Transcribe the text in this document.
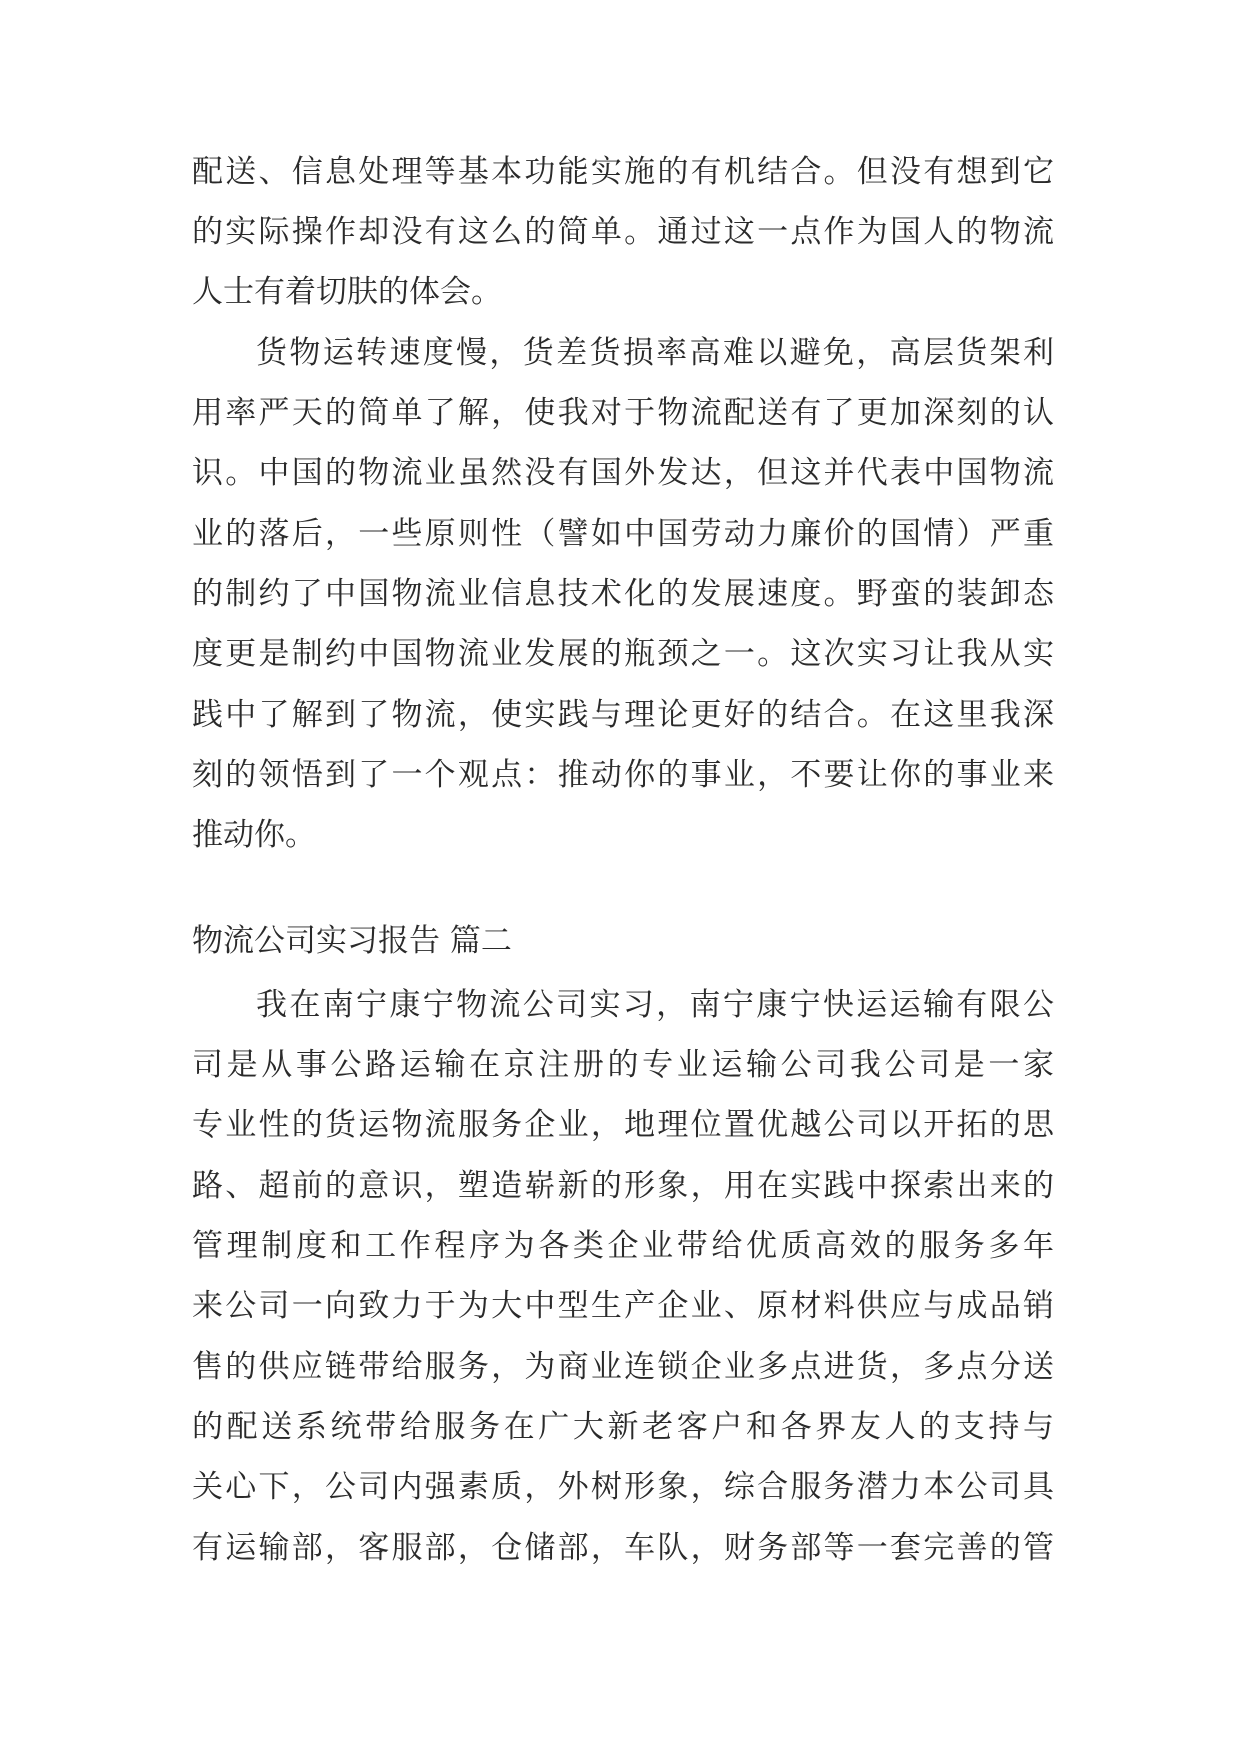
配送、信息处理等基本功能实施的有机结合。但没有想到它
的实际操作却没有这么的简单。通过这一点作为国人的物流
人士有着切肤的体会。
货物运转速度慢，货差货损率高难以避免，高层货架利
用率严天的简单了解，使我对于物流配送有了更加深刻的认
识。中国的物流业虽然没有国外发达，但这并代表中国物流
业的落后，一些原则性（譬如中国劳动力廉价的国情）严重
的制约了中国物流业信息技术化的发展速度。野蛮的装卸态
度更是制约中国物流业发展的瓶颈之一。这次实习让我从实
践中了解到了物流，使实践与理论更好的结合。在这里我深
刻的领悟到了一个观点：推动你的事业，不要让你的事业来
推动你。
物流公司实习报告 篇二
我在南宁康宁物流公司实习，南宁康宁快运运输有限公
司是从事公路运输在京注册的专业运输公司我公司是一家
专业性的货运物流服务企业，地理位置优越公司以开拓的思
路、超前的意识，塑造崭新的形象，用在实践中探索出来的
管理制度和工作程序为各类企业带给优质高效的服务多年
来公司一向致力于为大中型生产企业、原材料供应与成品销
售的供应链带给服务，为商业连锁企业多点进货，多点分送
的配送系统带给服务在广大新老客户和各界友人的支持与
关心下，公司内强素质，外树形象，综合服务潜力本公司具
有运输部，客服部，仓储部，车队，财务部等一套完善的管
